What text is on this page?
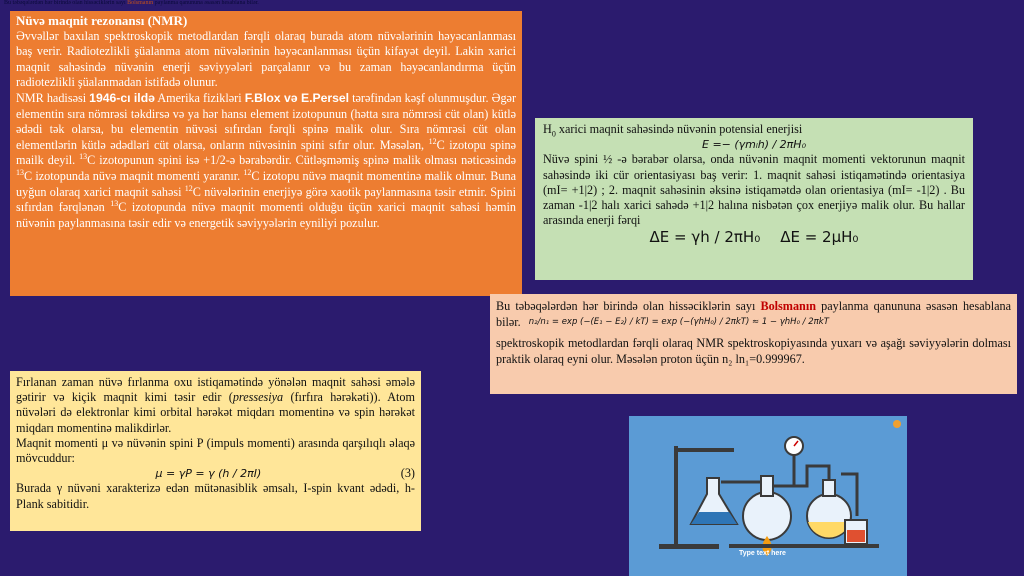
Bu təbəqələrdən hər birində olan hissəciklərin sayı Bolsmanın paylanma qanununa əsasən hesablana bilər.
Nüvə maqnit rezonansı (NMR)
Əvvəllər baxılan spektroskopik metodlardan fərqli olaraq burada atom nüvələrinin həyəcanlanması baş verir. Radiotezlikli şüalanma atom nüvələrinin həyəcanlanması üçün kifayət deyil. Lakin xarici maqnit sahəsində nüvənin enerji səviyyələri parçalanır və bu zaman həyəcanlandırma üçün radiotezlikli şüalanmadan istifadə olunur.
NMR hadisəsi 1946-cı ildə Amerika fizikləri F.Blox və E.Persel tərəfindən kəşf olunmuşdur. Əgər elementin sıra nömrəsi təkdirsə və ya hər hansı element izotopunun (hətta sıra nömrəsi cüt olan) kütlə ədədi tək olarsa, bu elementin nüvəsi sıfırdan fərqli spinə malik olur. Sıra nömrəsi cüt olan elementlərin kütlə ədədləri cüt olarsa, onların nüvəsinin spini sıfır olur. Məsələn, $^{12}$C izotopu spinə mailk deyil. $^{13}$C izotopunun spini isə +1/2-ə bərabərdir. Cütləşməmiş spinə malik olması nəticəsində $^{13}$C izotopunda nüvə maqnit momenti yaranır. $^{12}$C izotopu nüvə maqnit momentinə malik olmur. Buna uyğun olaraq xarici maqnit sahəsi $^{12}$C nüvələrinin enerjiyə görə xaotik paylanmasına təsir etmir. Spini sıfırdan fərqlənən $^{13}$C izotopunda nüvə maqnit momenti olduğu üçün xarici maqnit sahəsi həmin nüvənin paylanmasına təsir edir və energetik səviyyələrin eyniliyi pozulur.
$H_0$ xarici maqnit sahəsində nüvənin potensial enerjisi
E =− (γmₗh) / 2πH₀
Nüvə spini ½ -ə bərabər olarsa, onda nüvənin maqnit momenti vektorunun maqnit sahəsində iki cür orientasiyası baş verir: 1. maqnit sahəsi istiqamətində orientasiya (mI= +1|2) ; 2. maqnit sahəsinin əksinə istiqamətdə olan orientasiya (mI= -1|2) . Bu zaman -1|2 halı xarici sahədə +1|2 halına nisbətən çox enerjiyə malik olur. Bu hallar arasında enerji fərqi
ΔE = γh / 2πH₀ ΔE = 2μH₀
Bu təbəqələrdən hər birində olan hissəciklərin sayı Bolsmanın paylanma qanununa əsasən hesablana bilər. n₂/n₁ = exp (−(E₁ − E₂) / kT) = exp (−(γhH₀) / 2πkT) ≈ 1 − γhH₀ / 2πkT
spektroskopik metodlardan fərqli olaraq NMR spektroskopiyasında yuxarı və aşağı səviyyələrin dolması praktik olaraq eyni olur. Məsələn proton üçün n₂ ln₁=0.999967.
Fırlanan zaman nüvə fırlanma oxu istiqamətində yönələn maqnit sahəsi əmələ gətirir və kiçik maqnit kimi təsir edir (pressesiya (fırfıra hərəkəti)). Atom nüvələri də elektronlar kimi orbital hərəkət miqdarı momentinə və spin hərəkət miqdarı momentinə malikdirlər.
Maqnit momenti μ və nüvənin spini P (impuls momenti) arasında qarşılıqlı əlaqə mövcuddur:
μ = γP = γ (h / 2πI)	(3)
Burada γ nüvəni xarakterizə edən mütənasiblik əmsalı, I-spin kvant ədədi, h-Plank sabitidir.
Type text here
